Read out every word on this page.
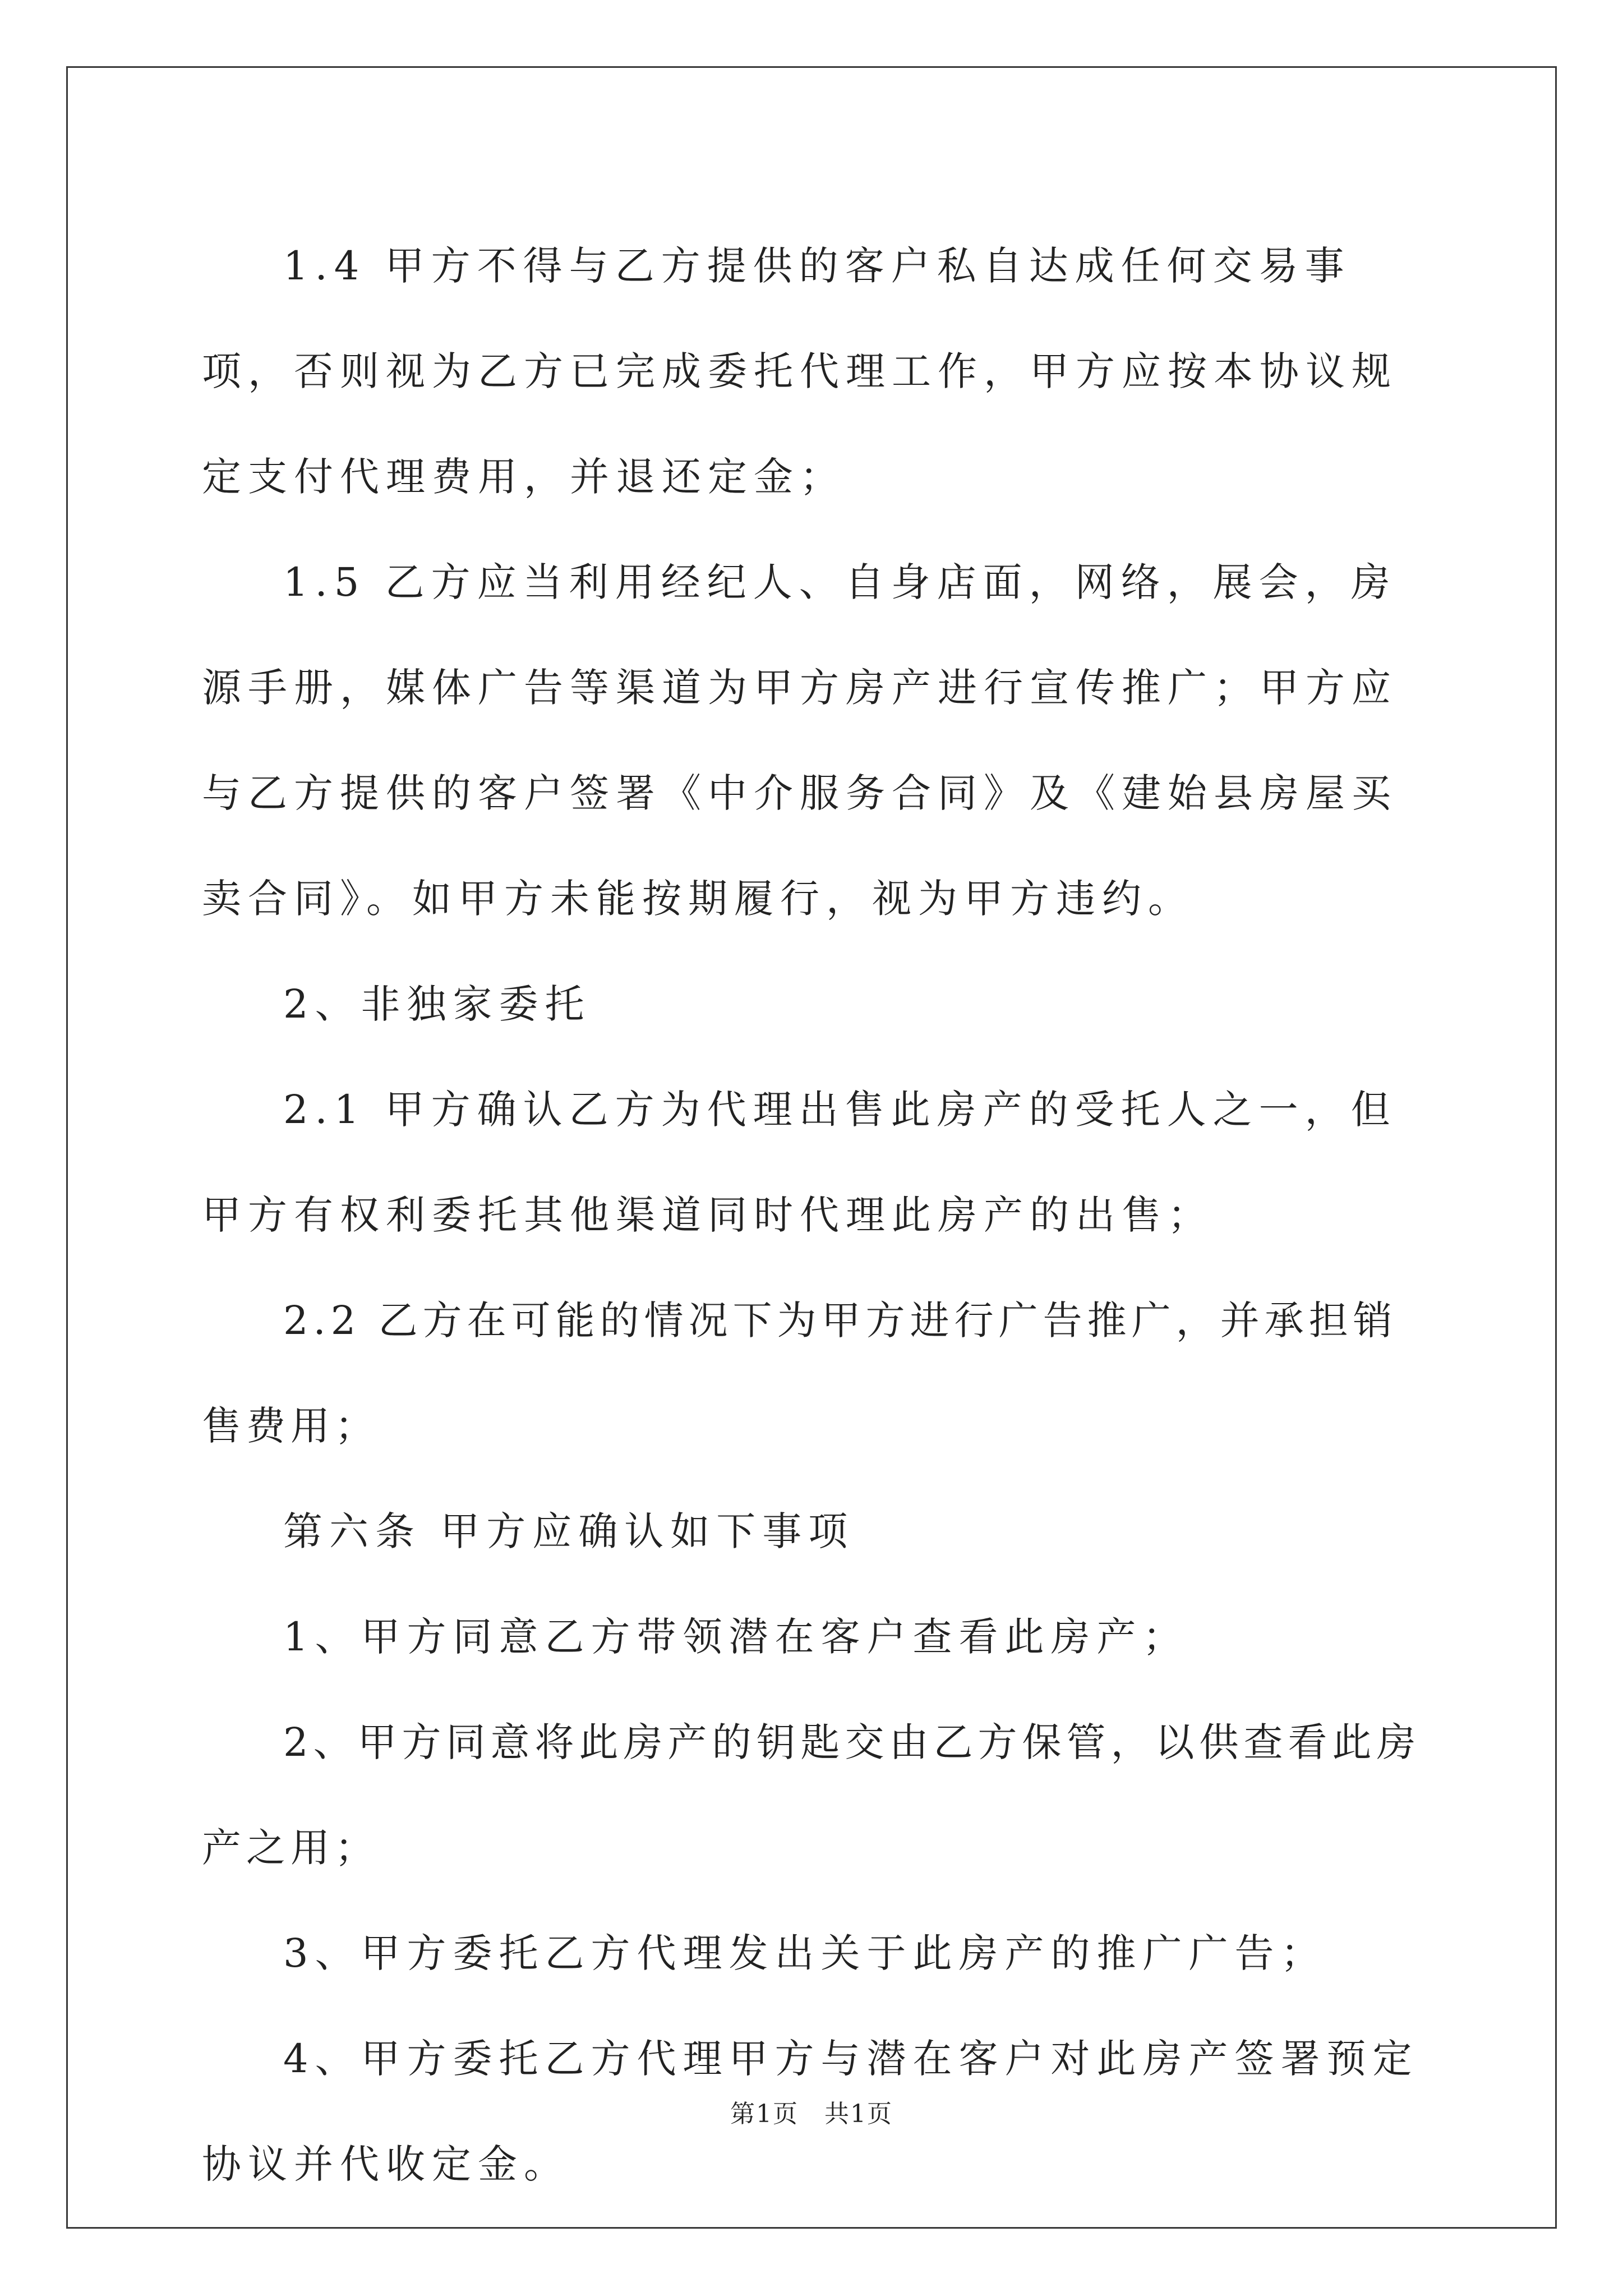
1.4 甲方不得与乙方提供的客户私自达成任何交易事项，否则视为乙方已完成委托代理工作，甲方应按本协议规定支付代理费用，并退还定金；

1.5 乙方应当利用经纪人、自身店面，网络，展会，房源手册，媒体广告等渠道为甲方房产进行宣传推广；甲方应与乙方提供的客户签署《中介服务合同》及《建始县房屋买卖合同》。如甲方未能按期履行，视为甲方违约。

2、非独家委托

2.1 甲方确认乙方为代理出售此房产的受托人之一，但甲方有权利委托其他渠道同时代理此房产的出售；

2.2 乙方在可能的情况下为甲方进行广告推广，并承担销售费用；

第六条 甲方应确认如下事项

1、甲方同意乙方带领潜在客户查看此房产；

2、甲方同意将此房产的钥匙交由乙方保管，以供查看此房产之用；

3、甲方委托乙方代理发出关于此房产的推广广告；

4、甲方委托乙方代理甲方与潜在客户对此房产签署预定协议并代收定金。

第1页 共1页
